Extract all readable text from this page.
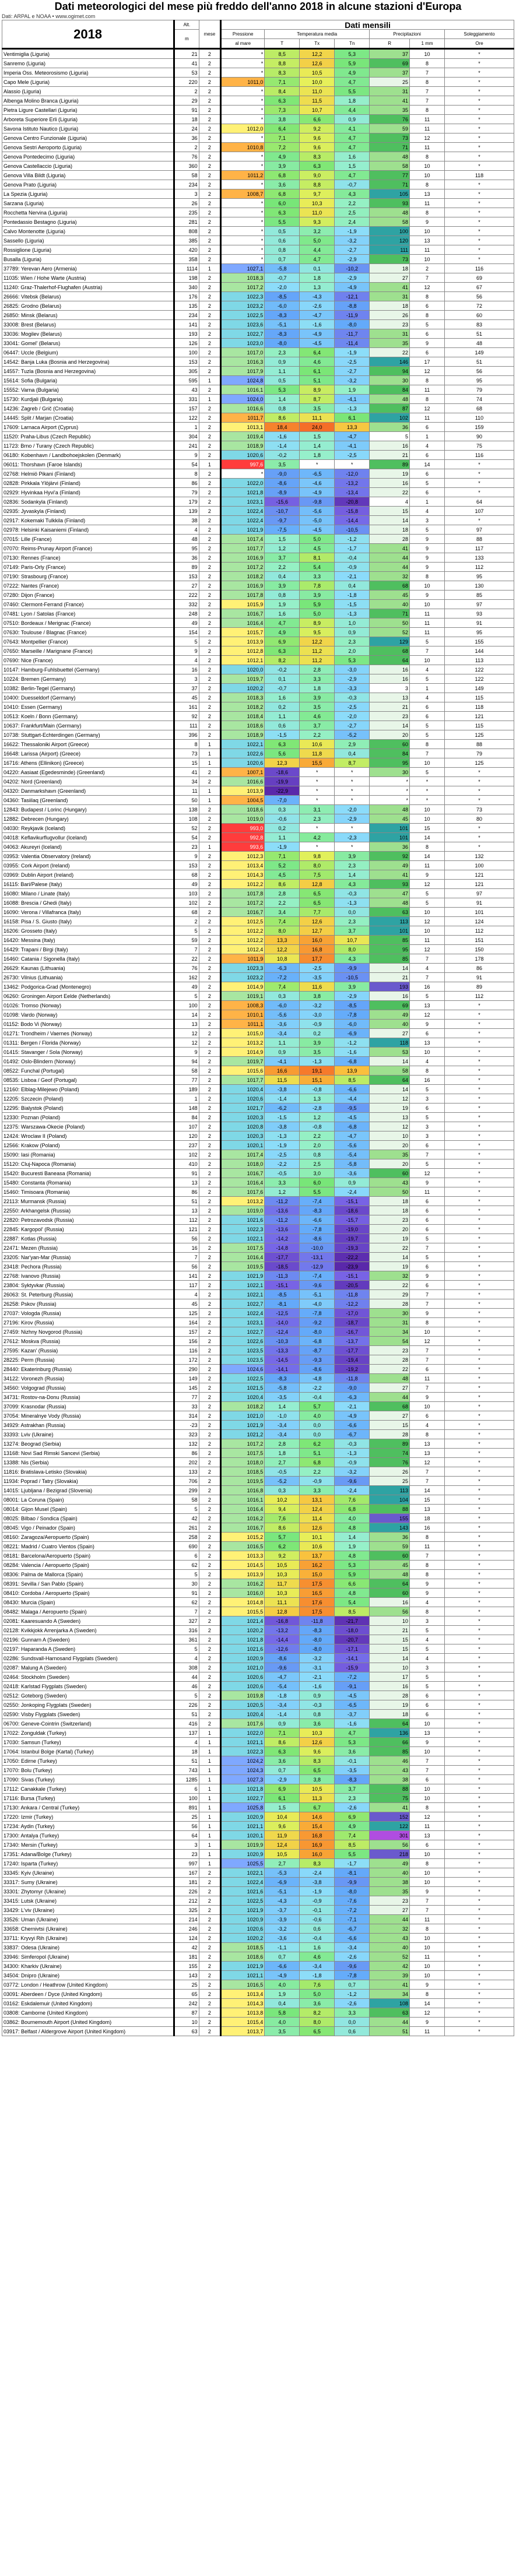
Dati meteorologici del mese più freddo dell'anno 2018 in alcune stazioni d'Europa
Dati: ARPAL e NOAA • www.ogimet.com
2018	Alt.	mese	Dati mensili						
	m		Pressione	Temperatura media			Precipitazioni		Soleggiamento
			al mare	T	Tx	Tn	R	1 mm	Ore
Ventimiglia (Liguria)	21	2	*	8,5	12,2	5,3	37	10	*
Sanremo (Liguria)	41	2	*	8,8	12,6	5,9	69	8	*
Imperia Oss. Meteorosismo (Liguria)	53	2	*	8,3	10,5	4,9	37	7	*
Capo Mele (Liguria)	220	2	1011,0	7,1	10,0	4,7	25	8	*
Alassio (Liguria)	2	2	*	8,4	11,0	5,5	31	7	*
Albenga Molino Branca (Liguria)	29	2	*	6,3	11,5	1,8	41	7	*
Pietra Ligure Castellari (Liguria)	91	2	*	7,3	10,7	4,4	35	8	*
Arboreta Superiore Erli (Liguria)	18	2	*	3,8	6,6	0,9	76	11	*
Savona Istituto Nautico (Liguria)	24	2	1012,0	6,4	9,2	4,1	59	11	*
Genova Centro Funzionale (Liguria)	36	2	*	7,1	9,6	4,7	73	12	*
Genova Sestri Aeroporto (Liguria)	2	2	1010,8	7,2	9,6	4,7	71	11	*
Genova Pontedecimo (Liguria)	76	2	*	4,9	8,3	1,6	48	8	*
Genova Castellaccio (Liguria)	360	2	*	3,9	6,3	1,5	58	10	*
Genova Villa Bildt (Liguria)	58	2	1011,2	6,8	9,0	4,7	77	10	118
Genova Prato (Liguria)	234	2	*	3,6	8,8	-0,7	71	8	*
La Spezia (Liguria)	3	2	1008,7	6,8	9,7	4,3	105	13	*
Sarzana (Liguria)	26	2	*	6,0	10,3	2,2	93	11	*
Rocchetta Nervina (Liguria)	235	2	*	6,3	11,0	2,5	48	8	*
Pontedassio Bestagno (Liguria)	281	2	*	5,5	9,3	2,4	58	9	*
Calvo Montenotte (Liguria)	808	2	*	0,5	3,2	-1,9	100	10	*
Sassello (Liguria)	385	2	*	0,6	5,0	-3,2	120	13	*
Rossiglione (Liguria)	420	2	*	0,8	4,4	-2,7	111	11	*
Busalla (Liguria)	358	2	*	0,7	4,7	-2,9	73	10	*
37789: Yerevan Aero (Armenia)	1114	1	1027,1	-5,8	0,1	-10,2	18	2	116
11035: Wien / Hohe Warte (Austria)	198	2	1018,3	-0,7	1,8	-2,9	27	7	69
11240: Graz-Thalerhof-Flughafen (Austria)	340	2	1017,2	-2,0	1,3	-4,9	41	12	67
26666: Vitebsk (Belarus)	176	2	1022,3	-8,5	-4,3	-12,1	31	8	56
26825: Grodno (Belarus)	135	2	1023,2	-6,0	-2,6	-8,8	18	6	72
26850: Minsk (Belarus)	234	2	1022,5	-8,3	-4,7	-11,9	26	8	60
33008: Brest (Belarus)	141	2	1023,6	-5,1	-1,6	-8,0	23	5	83
33036: Mogilev (Belarus)	193	2	1022,7	-8,3	-4,9	-11,7	31	6	51
33041: Gomel' (Belarus)	126	2	1023,0	-8,0	-4,5	-11,4	35	9	48
06447: Uccle (Belgium)	100	2	1017,0	2,3	6,4	-1,9	22	6	149
14542: Banja Luka (Bosnia and Herzegovina)	153	2	1016,3	0,9	4,6	-2,5	146	17	51
14557: Tuzla (Bosnia and Herzegovina)	305	2	1017,9	1,1	6,1	-2,7	94	12	56
15614: Sofia (Bulgaria)	595	1	1024,8	0,5	5,1	-3,2	30	8	95
15552: Varna (Bulgaria)	43	2	1016,1	5,3	8,9	1,9	84	11	79
15730: Kurdjali (Bulgaria)	331	1	1024,0	1,4	8,7	-4,1	48	8	74
14236: Zagreb / Grič (Croatia)	157	2	1016,6	0,8	3,5	-1,3	87	12	68
14445: Split / Marjan (Croatia)	122	2	1011,7	8,6	11,1	6,1	102	11	110
17609: Larnaca Airport (Cyprus)	1	2	1013,1	18,4	24,0	13,3	36	6	159
11520: Praha-Libus (Czech Republic)	304	2	1019,4	-1,6	1,5	-4,7	5	1	90
11723: Brno / Turany (Czech Republic)	241	2	1018,9	-1,4	1,4	-4,1	16	4	75
06180: Kobenhavn / Landbohoejskolen (Denmark)	9	2	1020,6	-0,2	1,8	-2,5	21	6	116
06011: Thorshavn (Faroe Islands)	54	1	997,6	3,5	*	*	89	14	*
02768: Helmiö Pikani (Finland)	8	2	*	-9,0	-6,5	-12,0	19	6	*
02828: Pirkkala Ylöjärvi (Finland)	86	2	1022,0	-8,6	-4,6	-13,2	16	5	*
02929: Hyvinkaa Hyvi'a (Finland)	79	2	1021,8	-8,9	-4,9	-13,4	22	6	*
02836: Sodankyla (Finland)	179	2	1023,1	-15,6	-9,8	-20,8	4	1	64
02935: Jyvaskyla (Finland)	139	2	1022,4	-10,7	-5,6	-15,8	15	4	107
02917: Kokemaki Tulkkila (Finland)	38	2	1022,4	-9,7	-5,0	-14,4	14	3	*
02978: Helsinki Kaisaniemi (Finland)	4	2	1021,9	-7,5	-4,5	-10,5	18	5	97
07015: Lille (France)	48	2	1017,4	1,5	5,0	-1,2	28	9	88
07070: Reims-Prunay Airport (France)	95	2	1017,7	1,2	4,5	-1,7	41	9	117
07130: Rennes (France)	36	2	1016,9	3,7	8,1	-0,4	44	9	133
07149: Paris-Orly (France)	89	2	1017,2	2,2	5,4	-0,9	44	9	112
07190: Strasbourg (France)	153	2	1018,2	0,4	3,3	-2,1	32	8	95
07222: Nantes (France)	27	2	1016,9	3,9	7,8	0,4	68	10	130
07280: Dijon (France)	222	2	1017,8	0,8	3,9	-1,8	45	9	85
07460: Clermont-Ferrand (France)	332	2	1015,9	1,9	5,9	-1,5	40	10	97
07481: Lyon / Satolas (France)	248	2	1016,7	1,6	5,0	-1,3	71	11	93
07510: Bordeaux / Merignac (France)	49	2	1016,4	4,7	8,9	1,0	50	11	91
07630: Toulouse / Blagnac (France)	154	2	1015,7	4,9	9,5	0,9	52	11	95
07643: Montpellier (France)	5	2	1013,9	6,9	12,2	2,3	129	5	155
07650: Marseille / Marignane (France)	9	2	1012,8	6,3	11,2	2,0	68	7	144
07690: Nice (France)	4	2	1012,1	8,2	11,2	5,3	64	10	113
10147: Hamburg-Fuhlsbuettel (Germany)	16	2	1020,0	-0,2	2,8	-3,0	16	4	122
10224: Bremen (Germany)	3	2	1019,7	0,1	3,3	-2,9	16	5	122
10382: Berlin-Tegel (Germany)	37	2	1020,2	-0,7	1,8	-3,3	3	1	149
10400: Duesseldorf (Germany)	45	2	1018,3	1,6	3,9	-0,3	13	4	115
10410: Essen (Germany)	161	2	1018,2	0,2	3,5	-2,5	21	6	118
10513: Koeln / Bonn (Germany)	92	2	1018,4	1,1	4,6	-2,0	23	6	121
10637: Frankfurt/Main (Germany)	111	2	1018,6	0,6	3,7	-2,7	14	5	115
10738: Stuttgart-Echterdingen (Germany)	396	2	1018,9	-1,5	2,2	-5,2	20	5	125
16622: Thessaloniki Airport (Greece)	8	1	1022,1	6,3	10,6	2,9	60	8	88
16648: Larissa (Airport) (Greece)	73	1	1022,6	5,6	11,8	0,4	84	7	79
16716: Athens (Ellinikon) (Greece)	15	1	1020,6	12,3	15,5	8,7	95	10	125
04220: Aasiaat (Egedesminde) (Greenland)	41	2	1007,1	-18,6	*	*	30	5	*
04202: Nord (Greenland)	34	2	1016,6	-19,9	*	*	*	*	*
04320: Danmarkshavn (Greenland)	11	1	1013,9	-22,9	*	*	*	*	*
04360: Tasiilaq (Greenland)	50	1	1004,5	-7,0	*	*	*	*	*
12843: Budapest / Lorinc (Hungary)	138	2	1018,6	0,3	3,1	-2,0	48	10	73
12882: Debrecen (Hungary)	108	2	1019,0	-0,6	2,3	-2,9	45	10	80
04030: Reykjavik (Iceland)	52	2	993,0	0,2	*	*	101	15	*
04018: Keflavikurflugvollur (Iceland)	54	2	992,8	1,1	4,2	-2,3	101	14	*
04063: Akureyri (Iceland)	23	1	993,6	-1,9	*	*	36	8	*
03953: Valentia Observatory (Ireland)	9	2	1012,3	7,1	9,8	3,9	92	14	132
03955: Cork Airport (Ireland)	153	2	1013,4	5,2	8,0	2,3	49	11	100
03969: Dublin Airport (Ireland)	68	2	1014,3	4,5	7,5	1,4	41	9	121
16115: Bari/Palese (Italy)	49	2	1012,2	8,6	12,8	4,3	93	12	121
16080: Milano / Linate (Italy)	103	2	1017,8	2,8	6,5	-0,3	47	5	97
16088: Brescia / Ghedi (Italy)	102	2	1017,2	2,2	6,5	-1,3	48	5	91
16090: Verona / Villafranca (Italy)	68	2	1016,7	3,4	7,7	0,0	63	10	101
16158: Pisa / S. Giusto (Italy)	2	2	1012,5	7,4	12,6	2,3	113	12	124
16206: Grosseto (Italy)	5	2	1012,2	8,0	12,7	3,7	101	10	112
16420: Messina (Italy)	59	2	1012,2	13,3	16,0	10,7	85	11	151
16429: Trapani / Birgi (Italy)	7	2	1012,4	12,2	16,8	8,0	95	12	150
16460: Catania / Sigonella (Italy)	22	2	1011,9	10,8	17,7	4,3	85	7	178
26629: Kaunas (Lithuania)	76	2	1023,3	-6,3	-2,5	-9,9	14	4	86
26730: Vilnius (Lithuania)	162	2	1023,2	-7,2	-3,5	-10,5	21	7	91
13462: Podgorica-Grad (Montenegro)	49	2	1014,9	7,4	11,6	3,9	193	16	89
06260: Groningen Airport Eelde (Netherlands)	5	2	1019,1	0,3	3,8	-2,9	16	5	112
01026: Tromso (Norway)	100	2	1008,3	-6,0	-3,2	-8,5	69	13	*
01098: Vardo (Norway)	14	2	1010,1	-5,6	-3,0	-7,8	49	12	*
01152: Bodo Vi (Norway)	13	2	1011,1	-3,6	-0,9	-6,0	40	9	*
01271: Trondheim / Vaernes (Norway)	12	2	1015,0	-3,4	0,2	-6,9	27	6	*
01311: Bergen / Florida (Norway)	12	2	1013,2	1,1	3,9	-1,2	118	13	*
01415: Stavanger / Sola (Norway)	9	2	1014,9	0,9	3,5	-1,6	53	10	*
01492: Oslo-Blindern (Norway)	94	2	1019,7	-4,1	-1,3	-6,8	14	4	*
08522: Funchal (Portugal)	58	2	1015,6	16,6	19,1	13,9	58	8	*
08535: Lisboa / Geof (Portugal)	77	2	1017,7	11,5	15,1	8,5	64	16	*
12160: Elblag-Milejewo (Poland)	189	2	1020,4	-3,8	-0,8	-6,6	14	5	*
12205: Szczecin (Poland)	1	2	1020,6	-1,4	1,3	-4,4	12	3	*
12295: Bialystok (Poland)	148	2	1021,7	-6,2	-2,8	-9,5	19	6	*
12330: Poznan (Poland)	84	2	1020,3	-1,5	1,2	-4,5	13	5	*
12375: Warszawa-Okecie (Poland)	107	2	1020,8	-3,8	-0,8	-6,8	12	3	*
12424: Wroclaw II (Poland)	120	2	1020,3	-1,3	2,2	-4,7	10	3	*
12566: Krakow (Poland)	237	2	1020,1	-1,9	2,0	-5,6	20	6	*
15090: Iasi (Romania)	102	2	1017,4	-2,5	0,8	-5,4	35	7	*
15120: Cluj-Napoca (Romania)	410	2	1018,0	-2,2	2,5	-5,8	20	5	*
15420: Bucuresti Baneasa (Romania)	91	2	1016,7	-0,5	3,0	-3,6	60	12	*
15480: Constanta (Romania)	13	2	1016,4	3,3	6,0	0,9	43	9	*
15460: Timisoara (Romania)	86	2	1017,6	1,2	5,5	-2,4	50	11	*
22113: Murmansk (Russia)	51	2	1013,2	-11,2	-7,4	-15,1	18	6	*
22550: Arkhangelsk (Russia)	13	2	1019,0	-13,6	-8,3	-18,6	18	6	*
22820: Petrozavodsk (Russia)	112	2	1021,6	-11,2	-6,6	-15,7	23	6	*
22845: Kargopol' (Russia)	121	2	1022,3	-13,6	-7,8	-19,0	20	6	*
22887: Kotlas (Russia)	56	2	1022,1	-14,2	-8,6	-19,7	19	5	*
22471: Mezen (Russia)	16	2	1017,5	-14,8	-10,0	-19,3	22	7	*
23205: Nar'yan-Mar (Russia)	7	2	1016,4	-17,7	-13,1	-22,2	14	5	*
23418: Pechora (Russia)	56	2	1019,5	-18,5	-12,9	-23,9	19	6	*
22768: Ivanovo (Russia)	141	2	1021,9	-11,3	-7,4	-15,1	32	9	*
23804: Syktyvkar (Russia)	117	2	1022,1	-15,1	-9,6	-20,5	22	6	*
26063: St. Peterburg (Russia)	4	2	1022,1	-8,5	-5,1	-11,8	29	7	*
26258: Pskov (Russia)	45	2	1022,7	-8,1	-4,0	-12,2	28	7	*
27037: Vologda (Russia)	125	2	1022,4	-12,5	-7,8	-17,0	30	9	*
27196: Kirov (Russia)	164	2	1023,1	-14,0	-9,2	-18,7	31	8	*
27459: Nizhny Novgorod (Russia)	157	2	1022,7	-12,4	-8,0	-16,7	34	10	*
27612: Moskva (Russia)	156	2	1022,6	-10,3	-6,8	-13,7	54	12	*
27595: Kazan' (Russia)	116	2	1023,5	-13,3	-8,7	-17,7	23	7	*
28225: Perm (Russia)	172	2	1023,5	-14,5	-9,3	-19,4	28	7	*
28440: Ekaterinburg (Russia)	290	2	1024,6	-14,1	-8,6	-19,2	22	6	*
34122: Voronezh (Russia)	149	2	1022,5	-8,3	-4,8	-11,8	48	11	*
34560: Volgograd (Russia)	145	2	1021,5	-5,8	-2,2	-9,0	27	7	*
34731: Rostov-na-Donu (Russia)	77	2	1020,4	-3,5	-0,4	-6,3	44	9	*
37099: Krasnodar (Russia)	33	2	1018,2	1,4	5,7	-2,1	68	10	*
37054: Mineralnye Vody (Russia)	314	2	1021,0	-1,0	4,0	-4,9	27	6	*
34929: Astrakhan (Russia)	-23	2	1021,9	-3,4	0,0	-6,6	15	4	*
33393: Lviv (Ukraine)	323	2	1021,2	-3,4	0,0	-6,7	28	8	*
13274: Beograd (Serbia)	132	2	1017,2	2,8	6,2	-0,3	89	13	*
13168: Novi Sad Rimski Sancevi (Serbia)	86	2	1017,5	1,8	5,1	-1,3	74	13	*
13388: Nis (Serbia)	202	2	1018,0	2,7	6,8	-0,9	76	12	*
11816: Bratislava-Letisko (Slovakia)	133	2	1018,5	-0,5	2,2	-3,2	26	7	*
11934: Poprad / Tatry (Slovakia)	706	2	1019,5	-5,2	-0,9	-9,6	25	7	*
14015: Ljubljana / Bezigrad (Slovenia)	299	2	1016,8	0,3	3,3	-2,4	113	14	*
08001: La Coruna (Spain)	58	2	1016,1	10,2	13,1	7,6	104	15	*
08014: Gijon Musel (Spain)	5	2	1016,4	9,4	12,4	6,8	88	13	*
08025: Bilbao / Sondica (Spain)	42	2	1016,2	7,6	11,4	4,0	155	18	*
08045: Vigo / Peinador (Spain)	261	2	1016,7	8,6	12,6	4,8	143	16	*
08160: Zaragoza/Aeropuerto (Spain)	258	2	1015,2	5,7	10,1	1,4	36	8	*
08221: Madrid / Cuatro Vientos (Spain)	690	2	1016,5	6,2	10,6	1,9	59	11	*
08181: Barcelona/Aeropuerto (Spain)	6	2	1013,3	9,2	13,7	4,8	60	7	*
08284: Valencia / Aeropuerto (Spain)	62	2	1014,5	10,5	16,2	5,3	45	8	*
08306: Palma de Mallorca (Spain)	5	2	1013,9	10,3	15,0	5,9	48	8	*
08391: Sevilla / San Pablo (Spain)	30	2	1016,2	11,7	17,5	6,6	64	9	*
08410: Cordoba / Aeropuerto (Spain)	91	2	1016,0	10,3	16,5	4,8	60	9	*
08430: Murcia (Spain)	62	2	1014,8	11,1	17,6	5,4	16	4	*
08482: Malaga / Aeropuerto (Spain)	7	2	1015,5	12,8	17,5	8,5	56	8	*
02081: Kaaresuando A (Sweden)	327	2	1021,4	-16,8	-11,8	-21,7	10	3	*
02128: Kvikkjokk Arrenjarka A (Sweden)	316	2	1020,2	-13,2	-8,3	-18,0	21	5	*
02196: Gunnarn A (Sweden)	361	2	1021,8	-14,4	-8,0	-20,7	15	4	*
02197: Haparanda A (Sweden)	5	2	1021,6	-12,6	-8,0	-17,1	15	5	*
02286: Sundsvall-Harnosand Flygplats (Sweden)	4	2	1020,9	-8,6	-3,2	-14,1	14	4	*
02087: Malung A (Sweden)	308	2	1021,0	-9,6	-3,1	-15,9	10	3	*
02464: Stockholm (Sweden)	44	2	1020,6	-4,7	-2,1	-7,2	17	5	*
02418: Karlstad Flygplats (Sweden)	46	2	1020,6	-5,4	-1,6	-9,1	16	5	*
02512: Goteborg (Sweden)	5	2	1019,8	-1,8	0,9	-4,5	28	6	*
02550: Jonkoping Flygplats (Sweden)	226	2	1020,5	-3,4	-0,3	-6,5	19	6	*
02590: Visby Flygplats (Sweden)	51	2	1020,4	-1,4	0,8	-3,7	18	6	*
06700: Geneve-Cointrin (Switzerland)	416	2	1017,6	0,9	3,6	-1,6	64	10	*
17022: Zonguldak (Turkey)	137	1	1022,0	7,1	10,3	4,7	136	13	*
17030: Samsun (Turkey)	4	1	1021,1	8,6	12,6	5,3	66	9	*
17064: Istanbul Bolge (Kartal) (Turkey)	18	1	1022,3	6,3	9,6	3,6	85	10	*
17050: Edirne (Turkey)	51	1	1024,2	3,6	8,3	-0,1	46	7	*
17070: Bolu (Turkey)	743	1	1024,3	0,7	6,5	-3,5	43	7	*
17090: Sivas (Turkey)	1285	1	1027,3	-2,9	3,8	-8,3	38	6	*
17112: Canakkale (Turkey)	6	1	1021,8	6,9	10,5	3,7	88	10	*
17116: Bursa (Turkey)	100	1	1022,7	6,1	11,3	2,3	75	10	*
17130: Ankara / Central (Turkey)	891	1	1025,8	1,5	6,7	-2,6	41	8	*
17220: Izmir (Turkey)	25	1	1020,9	10,4	14,6	6,9	152	12	*
17234: Aydin (Turkey)	56	1	1021,1	9,6	15,4	4,9	122	11	*
17300: Antalya (Turkey)	64	1	1020,1	11,9	16,8	7,4	301	13	*
17340: Mersin (Turkey)	3	1	1019,9	12,4	16,9	8,5	56	6	*
17351: Adana/Bolge (Turkey)	23	1	1020,9	10,5	16,0	5,5	218	10	*
17240: Isparta (Turkey)	997	1	1025,5	2,7	8,3	-1,7	49	8	*
33345: Kyiv (Ukraine)	167	2	1022,1	-5,3	-2,4	-8,1	40	10	*
33317: Sumy (Ukraine)	181	2	1022,4	-6,9	-3,8	-9,9	38	10	*
33301: Zhytomyr (Ukraine)	226	2	1021,6	-5,1	-1,9	-8,0	35	9	*
33415: Lutsk (Ukraine)	212	2	1022,5	-4,3	-0,9	-7,6	23	7	*
33429: L'viv (Ukraine)	325	2	1021,9	-3,7	-0,1	-7,2	27	7	*
33526: Uman (Ukraine)	214	2	1020,9	-3,9	-0,6	-7,1	44	11	*
33658: Chernivtsi (Ukraine)	246	2	1020,6	-3,2	0,6	-6,7	32	8	*
33711: Kryvyi Rih (Ukraine)	124	2	1020,2	-3,6	-0,4	-6,6	43	10	*
33837: Odesa (Ukraine)	42	2	1018,5	-1,1	1,6	-3,4	40	10	*
33946: Simferopol (Ukraine)	181	2	1018,6	0,7	4,6	-2,6	52	11	*
34300: Kharkiv (Ukraine)	155	2	1021,9	-6,6	-3,4	-9,6	42	10	*
34504: Dnipro (Ukraine)	143	2	1021,1	-4,9	-1,8	-7,8	39	10	*
03772: London / Heathrow (United Kingdom)	25	2	1016,5	4,0	7,6	0,7	41	9	*
03091: Aberdeen / Dyce (United Kingdom)	65	2	1013,4	1,9	5,0	-1,2	34	8	*
03162: Eskdalemuir (United Kingdom)	242	2	1014,3	0,4	3,6	-2,6	108	14	*
03808: Camborne (United Kingdom)	87	2	1013,8	5,8	8,2	3,3	63	12	*
03862: Bournemouth Airport (United Kingdom)	10	2	1015,4	4,0	8,0	0,0	44	9	*
03917: Belfast / Aldergrove Airport (United Kingdom)	63	2	1013,7	3,5	6,5	0,6	51	11	*
